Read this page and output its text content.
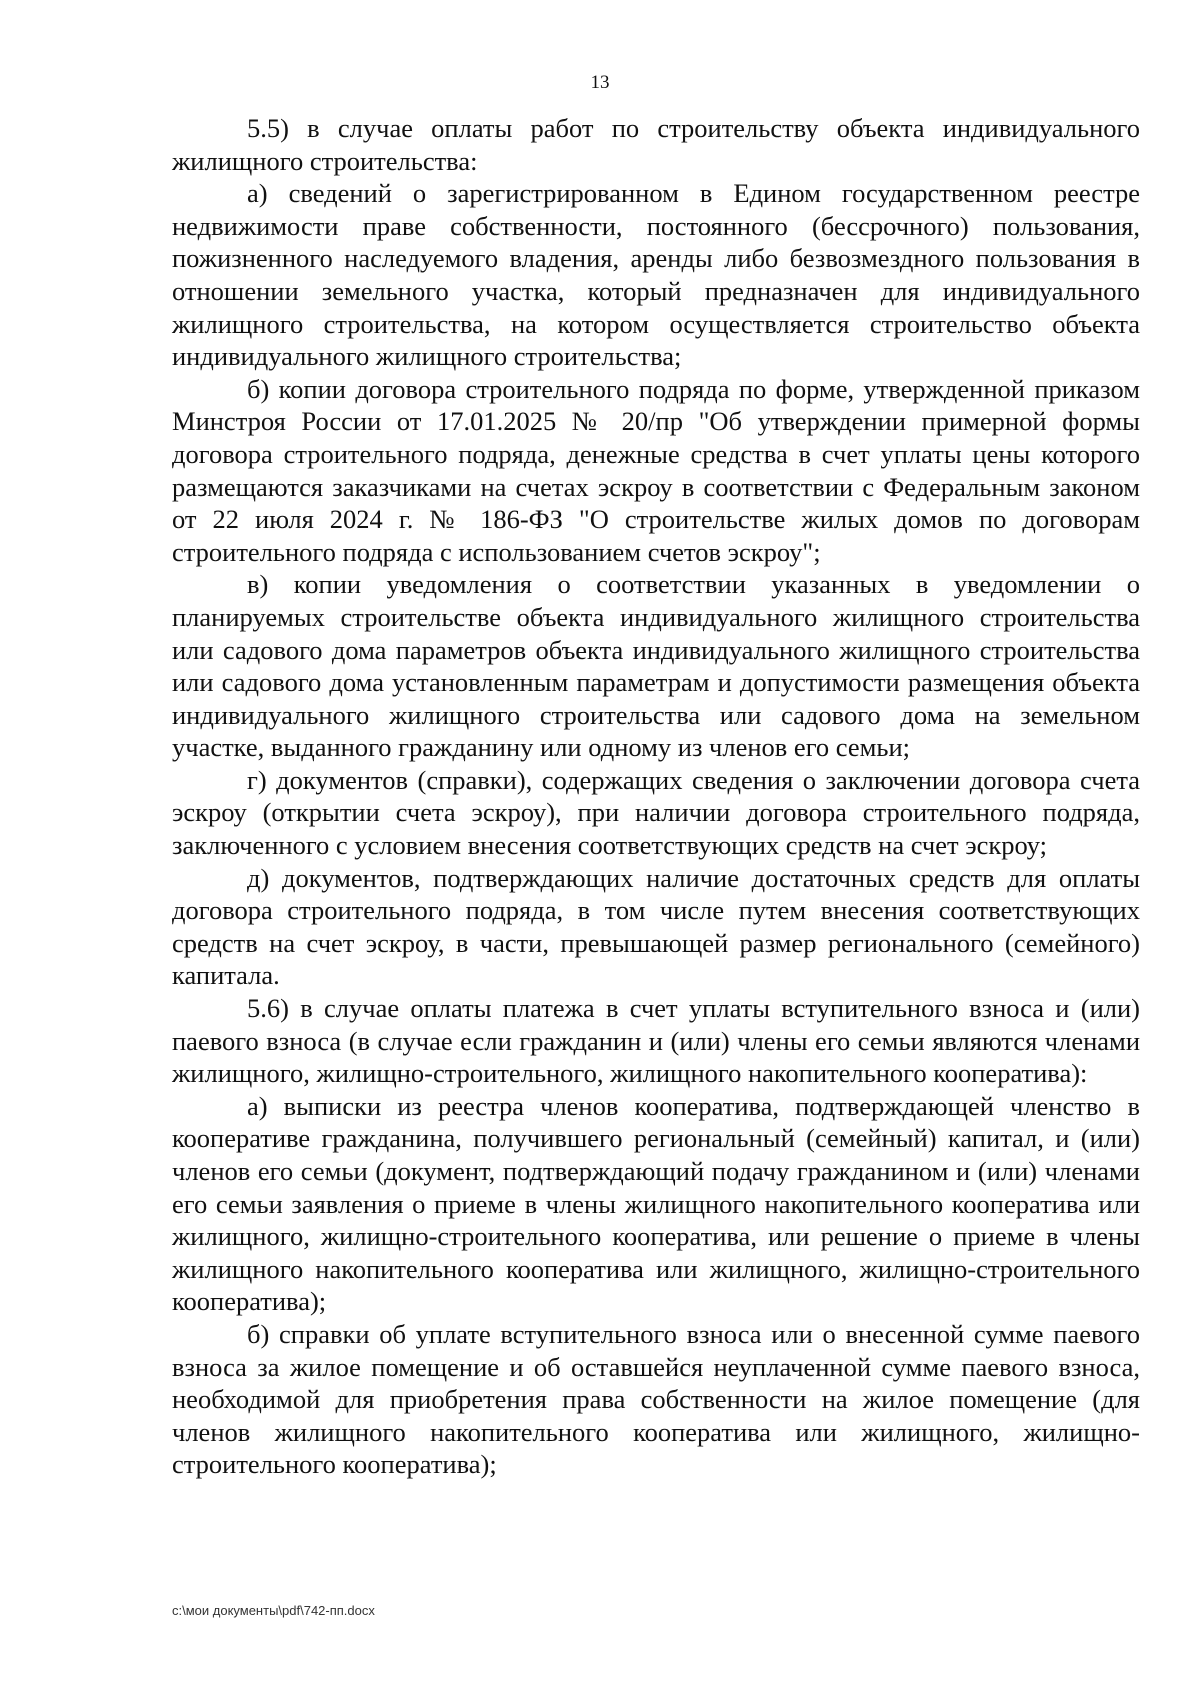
13

5.5) в случае оплаты работ по строительству объекта индивидуального жилищного строительства:

а) сведений о зарегистрированном в Едином государственном реестре недвижимости праве собственности, постоянного (бессрочного) пользования, пожизненного наследуемого владения, аренды либо безвозмездного пользования в отношении земельного участка, который предназначен для индивидуального жилищного строительства, на котором осуществляется строительство объекта индивидуального жилищного строительства;

б) копии договора строительного подряда по форме, утвержденной приказом Минстроя России от 17.01.2025 № 20/пр "Об утверждении примерной формы договора строительного подряда, денежные средства в счет уплаты цены которого размещаются заказчиками на счетах эскроу в соответствии с Федеральным законом от 22 июля 2024 г. № 186-ФЗ "О строительстве жилых домов по договорам строительного подряда с использованием счетов эскроу";

в) копии уведомления о соответствии указанных в уведомлении о планируемых строительстве объекта индивидуального жилищного строительства или садового дома параметров объекта индивидуального жилищного строительства или садового дома установленным параметрам и допустимости размещения объекта индивидуального жилищного строительства или садового дома на земельном участке, выданного гражданину или одному из членов его семьи;

г) документов (справки), содержащих сведения о заключении договора счета эскроу (открытии счета эскроу), при наличии договора строительного подряда, заключенного с условием внесения соответствующих средств на счет эскроу;

д) документов, подтверждающих наличие достаточных средств для оплаты договора строительного подряда, в том числе путем внесения соответствующих средств на счет эскроу, в части, превышающей размер регионального (семейного) капитала.

5.6) в случае оплаты платежа в счет уплаты вступительного взноса и (или) паевого взноса (в случае если гражданин и (или) члены его семьи являются членами жилищного, жилищно-строительного, жилищного накопительного кооператива):

а) выписки из реестра членов кооператива, подтверждающей членство в кооперативе гражданина, получившего региональный (семейный) капитал, и (или) членов его семьи (документ, подтверждающий подачу гражданином и (или) членами его семьи заявления о приеме в члены жилищного накопительного кооператива или жилищного, жилищно-строительного кооператива, или решение о приеме в члены жилищного накопительного кооператива или жилищного, жилищно-строительного кооператива);

б) справки об уплате вступительного взноса или о внесенной сумме паевого взноса за жилое помещение и об оставшейся неуплаченной сумме паевого взноса, необходимой для приобретения права собственности на жилое помещение (для членов жилищного накопительного кооператива или жилищного, жилищно-строительного кооператива);

c:\мои документы\pdf\742-пп.docx
